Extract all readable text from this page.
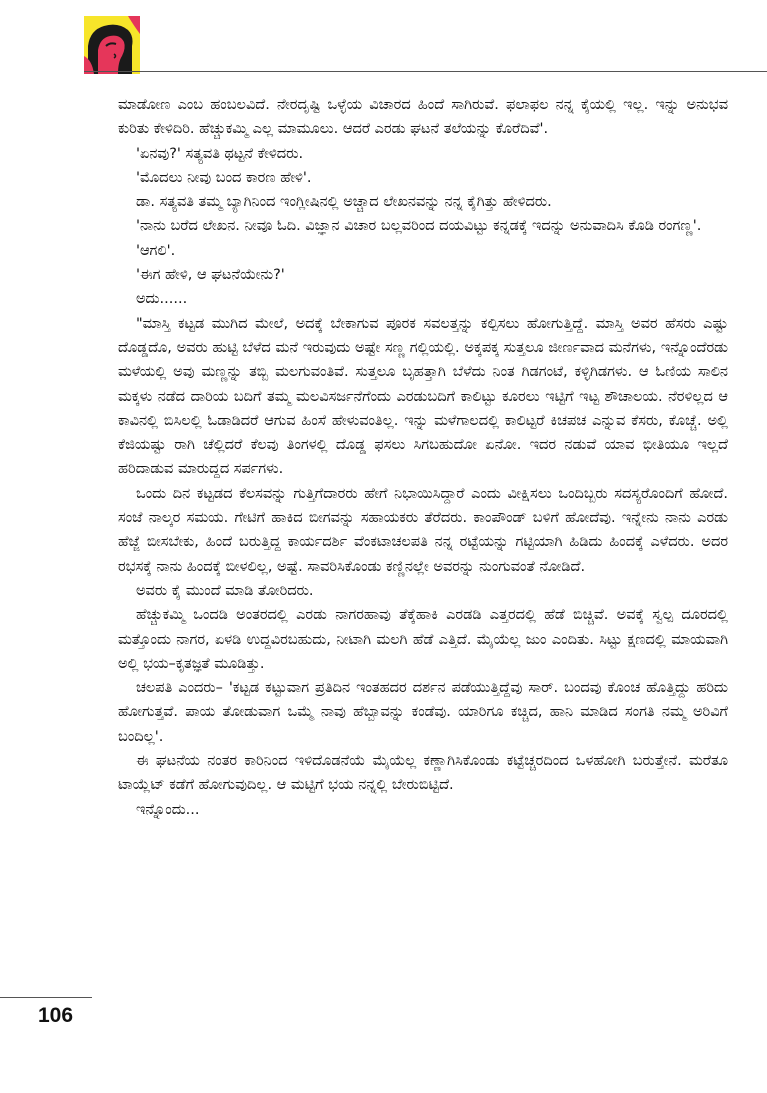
ಮಾಡೋಣ ಎಂಬ ಹಂಬಲವಿದೆ. ನೇರದೃಷ್ಟಿ ಒಳ್ಳೆಯ ವಿಚಾರದ ಹಿಂದೆ ಸಾಗಿರುವೆ. ಫಲಾಫಲ ನನ್ನ ಕೈಯಲ್ಲಿ ಇಲ್ಲ. ಇನ್ನು ಅನುಭವ ಕುರಿತು ಕೇಳಿದಿರಿ. ಹೆಚ್ಚುಕಮ್ಮಿ ಎಲ್ಲ ಮಾಮೂಲು. ಆದರೆ ಎರಡು ಘಟನೆ ತಲೆಯನ್ನು ಕೊರೆದಿವೆ'.

'ಏನವು?' ಸತ್ಯವತಿ ಥಟ್ಟನೆ ಕೇಳಿದರು.

'ಮೊದಲು ನೀವು ಬಂದ ಕಾರಣ ಹೇಳಿ'.

ಡಾ. ಸತ್ಯವತಿ ತಮ್ಮ ಬ್ಯಾಗಿನಿಂದ ಇಂಗ್ಲೀಷಿನಲ್ಲಿ ಅಚ್ಚಾದ ಲೇಖನವನ್ನು ನನ್ನ ಕೈಗಿತ್ತು ಹೇಳಿದರು.

'ನಾನು ಬರೆದ ಲೇಖನ. ನೀವೂ ಓದಿ. ವಿಜ್ಞಾನ ವಿಚಾರ ಬಲ್ಲವರಿಂದ ದಯವಿಟ್ಟು ಕನ್ನಡಕ್ಕೆ ಇದನ್ನು ಅನುವಾದಿಸಿ ಕೊಡಿ ರಂಗಣ್ಣ'.

'ಆಗಲಿ'.

'ಈಗ ಹೇಳಿ, ಆ ಘಟನೆಯೇನು?'

ಅದು......

"ಮಾಸ್ತಿ ಕಟ್ಟಡ ಮುಗಿದ ಮೇಲೆ, ಅದಕ್ಕೆ ಬೇಕಾಗುವ ಪೂರಕ ಸವಲತ್ತನ್ನು ಕಲ್ಪಿಸಲು ಹೋಗುತ್ತಿದ್ದೆ. ಮಾಸ್ತಿ ಅವರ ಹೆಸರು ಎಷ್ಟು ದೊಡ್ಡದೊ, ಅವರು ಹುಟ್ಟಿ ಬೆಳೆದ ಮನೆ ಇರುವುದು ಅಷ್ಟೇ ಸಣ್ಣ ಗಲ್ಲಿಯಲ್ಲಿ. ಅಕ್ಕಪಕ್ಕ ಸುತ್ತಲೂ ಜೀರ್ಣವಾದ ಮನೆಗಳು, ಇನ್ನೊಂದೆರಡು ಮಳೆಯಲ್ಲಿ ಅವು ಮಣ್ಣನ್ನು ತಬ್ಬಿ ಮಲಗುವಂತಿವೆ. ಸುತ್ತಲೂ ಬೃಹತ್ತಾಗಿ ಬೆಳೆದು ನಿಂತ ಗಿಡಗಂಟೆ, ಕಳ್ಳಿಗಿಡಗಳು. ಆ ಓಣಿಯ ಸಾಲಿನ ಮಕ್ಕಳು ನಡೆದ ದಾರಿಯ ಬದಿಗೆ ತಮ್ಮ ಮಲವಿಸರ್ಜನೆಗೆಂದು ಎರಡುಬದಿಗೆ ಕಾಲಿಟ್ಟು ಕೂರಲು ಇಟ್ಟಿಗೆ ಇಟ್ಟ ಶೌಚಾಲಯ. ನೆರಳಿಲ್ಲದ ಆ ಕಾವಿನಲ್ಲಿ ಬಿಸಿಲಲ್ಲಿ ಓಡಾಡಿದರೆ ಆಗುವ ಹಿಂಸೆ ಹೇಳುವಂತಿಲ್ಲ. ಇನ್ನು ಮಳೆಗಾಲದಲ್ಲಿ ಕಾಲಿಟ್ಟರೆ ಕಿಚಪಚ ಎನ್ನುವ ಕೆಸರು, ಕೊಚ್ಚೆ. ಅಲ್ಲಿ ಕೆಜಿಯಷ್ಟು ರಾಗಿ ಚೆಲ್ಲಿದರೆ ಕೆಲವು ತಿಂಗಳಲ್ಲಿ ದೊಡ್ಡ ಫಸಲು ಸಿಗಬಹುದೋ ಏನೋ. ಇದರ ನಡುವೆ ಯಾವ ಭೀತಿಯೂ ಇಲ್ಲದೆ ಹರಿದಾಡುವ ಮಾರುದ್ದದ ಸರ್ಪಗಳು.

ಒಂದು ದಿನ ಕಟ್ಟಡದ ಕೆಲಸವನ್ನು ಗುತ್ತಿಗೆದಾರರು ಹೇಗೆ ನಿಭಾಯಿಸಿದ್ದಾರೆ ಎಂದು ವೀಕ್ಷಿಸಲು ಒಂದಿಬ್ಬರು ಸದಸ್ಯರೊಂದಿಗೆ ಹೋದೆ. ಸಂಜೆ ನಾಲ್ಕರ ಸಮಯ. ಗೇಟಿಗೆ ಹಾಕಿದ ಬೀಗವನ್ನು ಸಹಾಯಕರು ತೆರೆದರು. ಕಾಂಪೌಂಡ್ ಬಳಿಗೆ ಹೋದೆವು. ಇನ್ನೇನು ನಾನು ಎರಡು ಹೆಜ್ಜೆ ಬೀಸಬೇಕು, ಹಿಂದೆ ಬರುತ್ತಿದ್ದ ಕಾರ್ಯದರ್ಶಿ ವೆಂಕಟಾಚಲಪತಿ ನನ್ನ ರಟ್ಟೆಯನ್ನು ಗಟ್ಟಿಯಾಗಿ ಹಿಡಿದು ಹಿಂದಕ್ಕೆ ಎಳೆದರು. ಅದರ ರಭಸಕ್ಕೆ ನಾನು ಹಿಂದಕ್ಕೆ ಬೀಳಲಿಲ್ಲ, ಅಷ್ಟೆ. ಸಾವರಿಸಿಕೊಂಡು ಕಣ್ಣಿನಲ್ಲೇ ಅವರನ್ನು ನುಂಗುವಂತೆ ನೋಡಿದೆ.

ಅವರು ಕೈ ಮುಂದೆ ಮಾಡಿ ತೋರಿದರು.

ಹೆಚ್ಚುಕಮ್ಮಿ ಒಂದಡಿ ಅಂತರದಲ್ಲಿ ಎರಡು ನಾಗರಹಾವು ತೆಕ್ಕೆಹಾಕಿ ಎರಡಡಿ ಎತ್ತರದಲ್ಲಿ ಹೆಡೆ ಬಿಚ್ಚಿವೆ. ಅವಕ್ಕೆ ಸ್ವಲ್ಪ ದೂರದಲ್ಲಿ ಮತ್ತೊಂದು ನಾಗರ, ಏಳಡಿ ಉದ್ದವಿರಬಹುದು, ನೀಟಾಗಿ ಮಲಗಿ ಹೆಡೆ ಎತ್ತಿದೆ. ಮೈಯೆಲ್ಲ ಜುಂ ಎಂದಿತು. ಸಿಟ್ಟು ಕ್ಷಣದಲ್ಲಿ ಮಾಯವಾಗಿ ಅಲ್ಲಿ ಭಯ–ಕೃತಜ್ಞತೆ ಮೂಡಿತ್ತು.

ಚಲಪತಿ ಎಂದರು– 'ಕಟ್ಟಡ ಕಟ್ಟುವಾಗ ಪ್ರತಿದಿನ ಇಂತಹದರ ದರ್ಶನ ಪಡೆಯುತ್ತಿದ್ದೆವು ಸಾರ್. ಬಂದವು ಕೊಂಚ ಹೊತ್ತಿದ್ದು ಹರಿದು ಹೋಗುತ್ತವೆ. ಪಾಯ ತೋಡುವಾಗ ಒಮ್ಮೆ ನಾವು ಹೆಬ್ಬಾವನ್ನು ಕಂಡೆವು. ಯಾರಿಗೂ ಕಚ್ಚಿದ, ಹಾನಿ ಮಾಡಿದ ಸಂಗತಿ ನಮ್ಮ ಅರಿವಿಗೆ ಬಂದಿಲ್ಲ'.

ಈ ಘಟನೆಯ ನಂತರ ಕಾರಿನಿಂದ ಇಳಿದೊಡನೆಯೆ ಮೈಯೆಲ್ಲ ಕಣ್ಣಾಗಿಸಿಕೊಂಡು ಕಟ್ಟೆಚ್ಚರದಿಂದ ಒಳಹೋಗಿ ಬರುತ್ತೇನೆ. ಮರೆತೂ ಟಾಯ್ಲೆಟ್ ಕಡೆಗೆ ಹೋಗುವುದಿಲ್ಲ. ಆ ಮಟ್ಟಿಗೆ ಭಯ ನನ್ನಲ್ಲಿ ಬೇರುಬಿಟ್ಟಿದೆ.

ಇನ್ನೊಂದು...

106
